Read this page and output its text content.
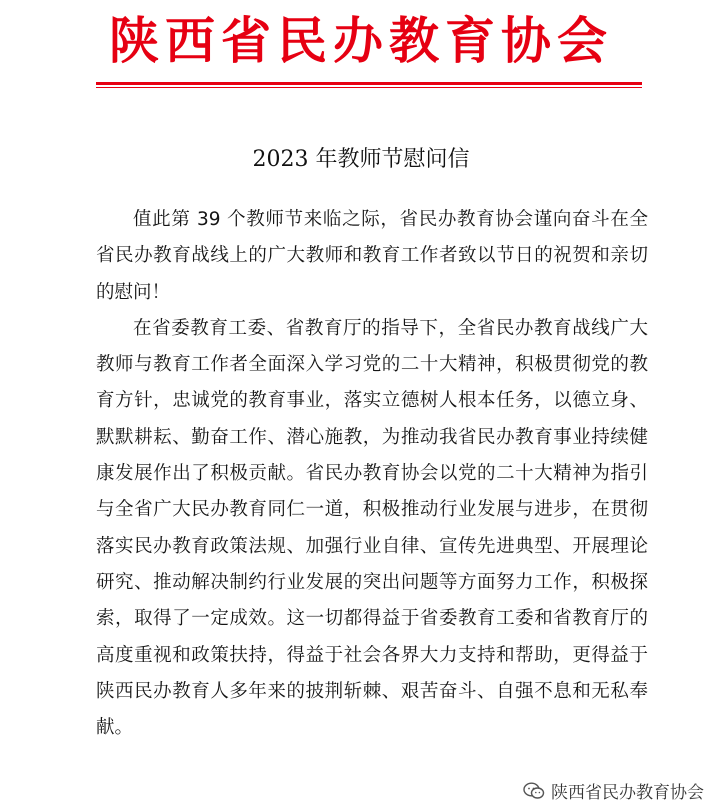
陕西省民办教育协会
2023 年教师节慰问信

值此第 39 个教师节来临之际，省民办教育协会谨向奋斗在全省民办教育战线上的广大教师和教育工作者致以节日的祝贺和亲切的慰问！

在省委教育工委、省教育厅的指导下，全省民办教育战线广大教师与教育工作者全面深入学习党的二十大精神，积极贯彻党的教育方针，忠诚党的教育事业，落实立德树人根本任务，以德立身、默默耕耘、勤奋工作、潜心施教，为推动我省民办教育事业持续健康发展作出了积极贡献。省民办教育协会以党的二十大精神为指引与全省广大民办教育同仁一道，积极推动行业发展与进步，在贯彻落实民办教育政策法规、加强行业自律、宣传先进典型、开展理论研究、推动解决制约行业发展的突出问题等方面努力工作，积极探索，取得了一定成效。这一切都得益于省委教育工委和省教育厅的高度重视和政策扶持，得益于社会各界大力支持和帮助，更得益于陕西民办教育人多年来的披荆斩棘、艰苦奋斗、自强不息和无私奉献。

陕西省民办教育协会
